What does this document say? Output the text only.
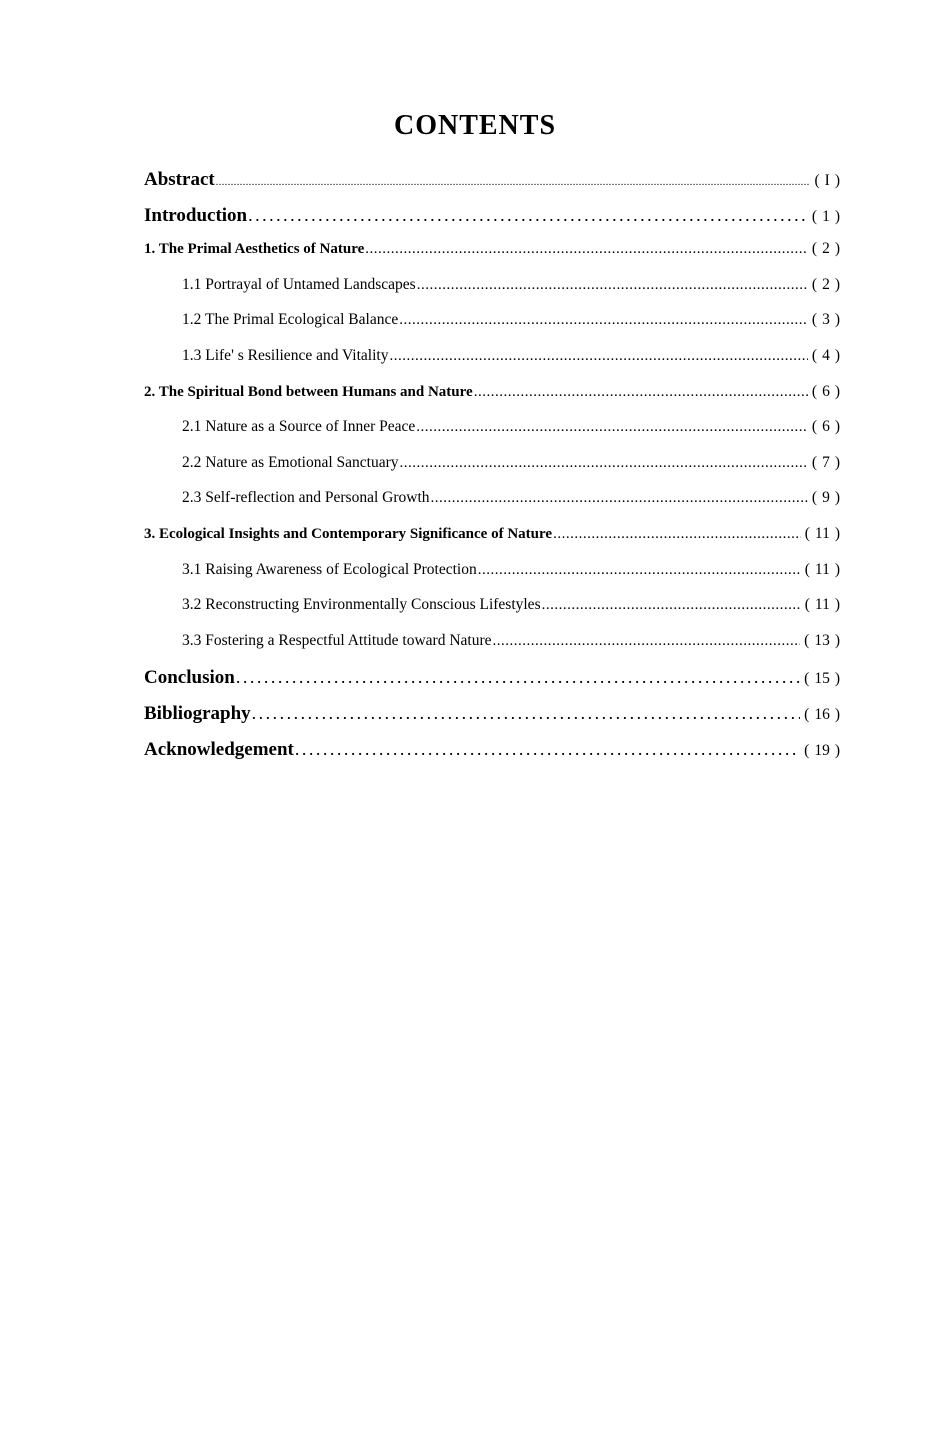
CONTENTS
Abstract .....	( I )
Introduction .....	( 1 )
1. The Primal Aesthetics of Nature .....	( 2 )
1.1 Portrayal of Untamed Landscapes .....	( 2 )
1.2 The Primal Ecological Balance .....	( 3 )
1.3 Life' s Resilience and Vitality .....	( 4 )
2. The Spiritual Bond between Humans and Nature .....	( 6 )
2.1 Nature as a Source of Inner Peace .....	( 6 )
2.2 Nature as Emotional Sanctuary .....	( 7 )
2.3 Self-reflection and Personal Growth .....	( 9 )
3. Ecological Insights and Contemporary Significance of Nature .....	( 11 )
3.1 Raising Awareness of Ecological Protection .....	( 11 )
3.2 Reconstructing Environmentally Conscious Lifestyles .....	( 11 )
3.3 Fostering a Respectful Attitude toward Nature .....	( 13 )
Conclusion .....	( 15 )
Bibliography .....	( 16 )
Acknowledgement .....	( 19 )
